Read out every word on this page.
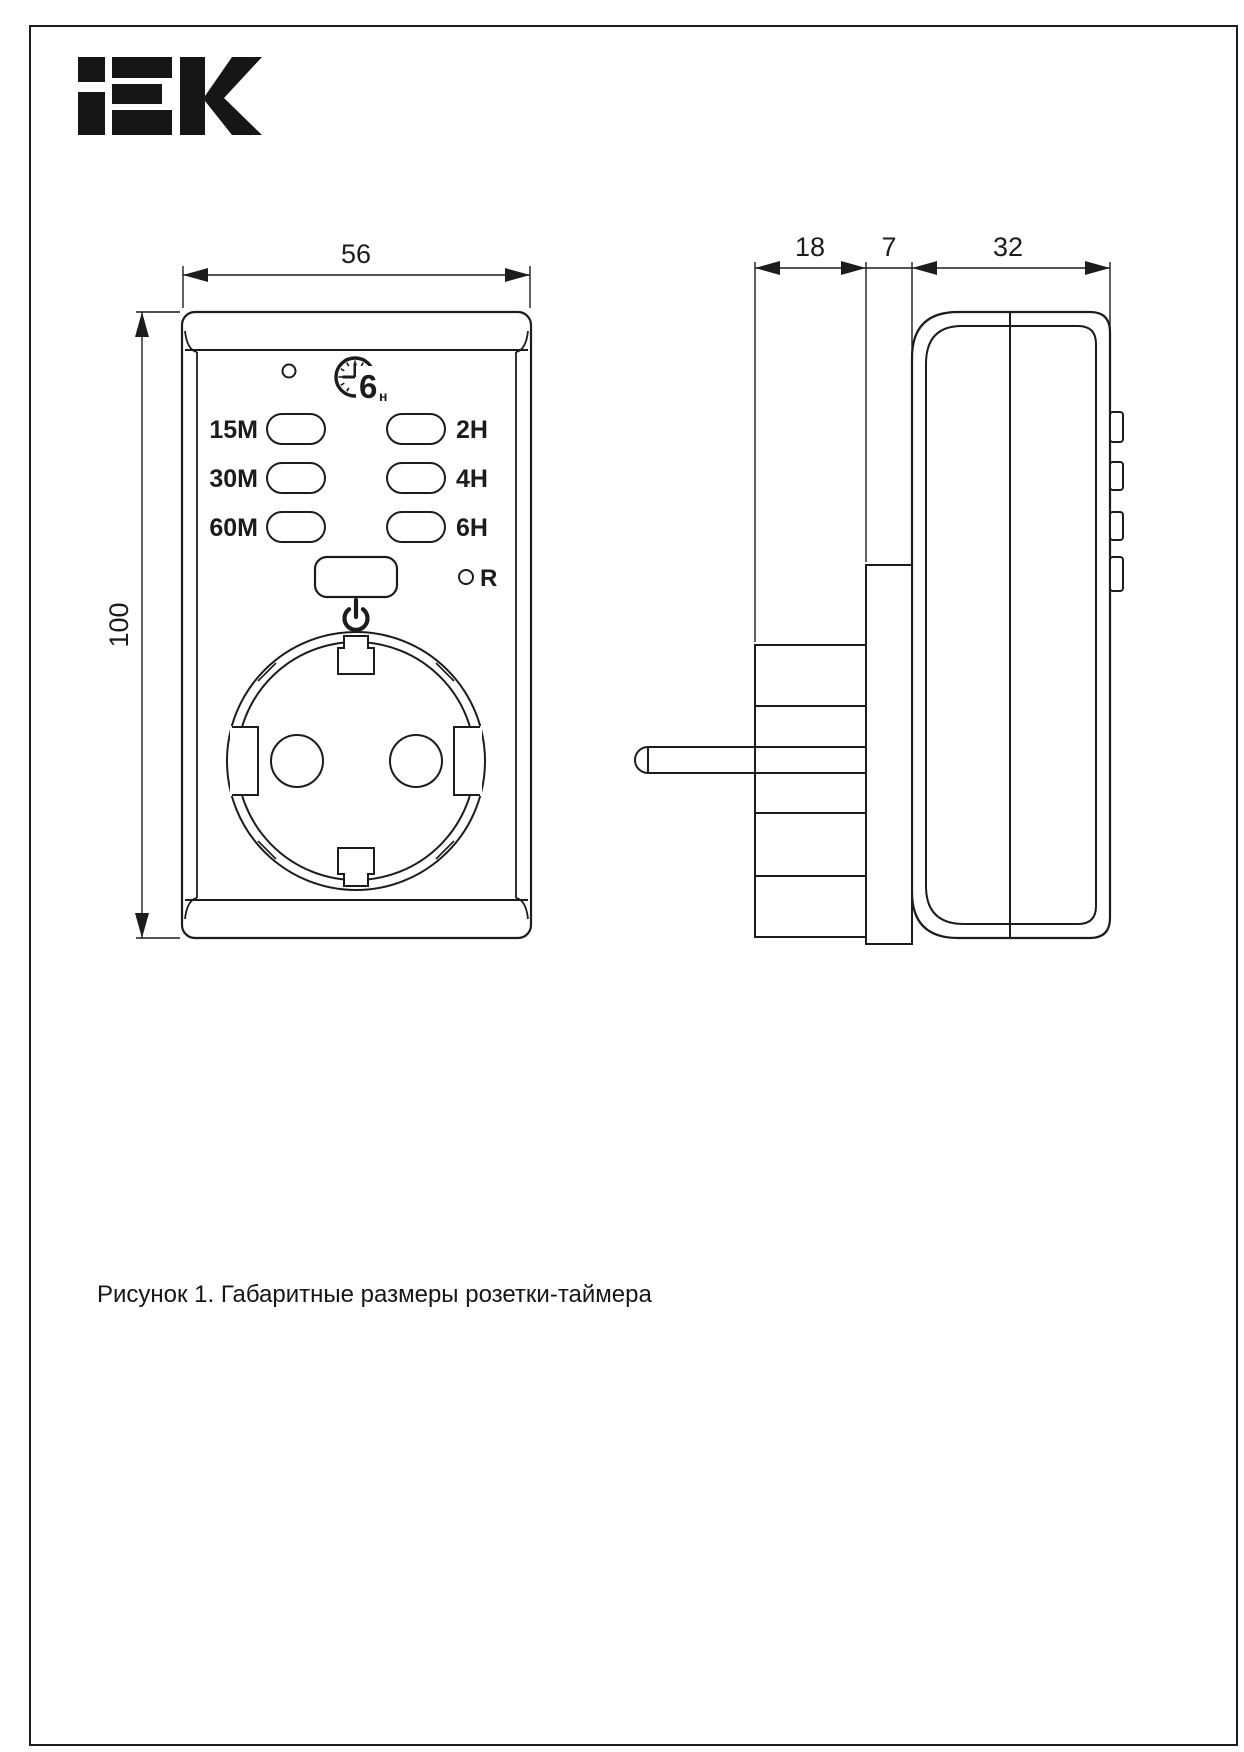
56
100
6 н
15M	2H
30M	4H
60M	6H
R
18 7	32
Рисунок 1. Габаритные размеры розетки-таймера
